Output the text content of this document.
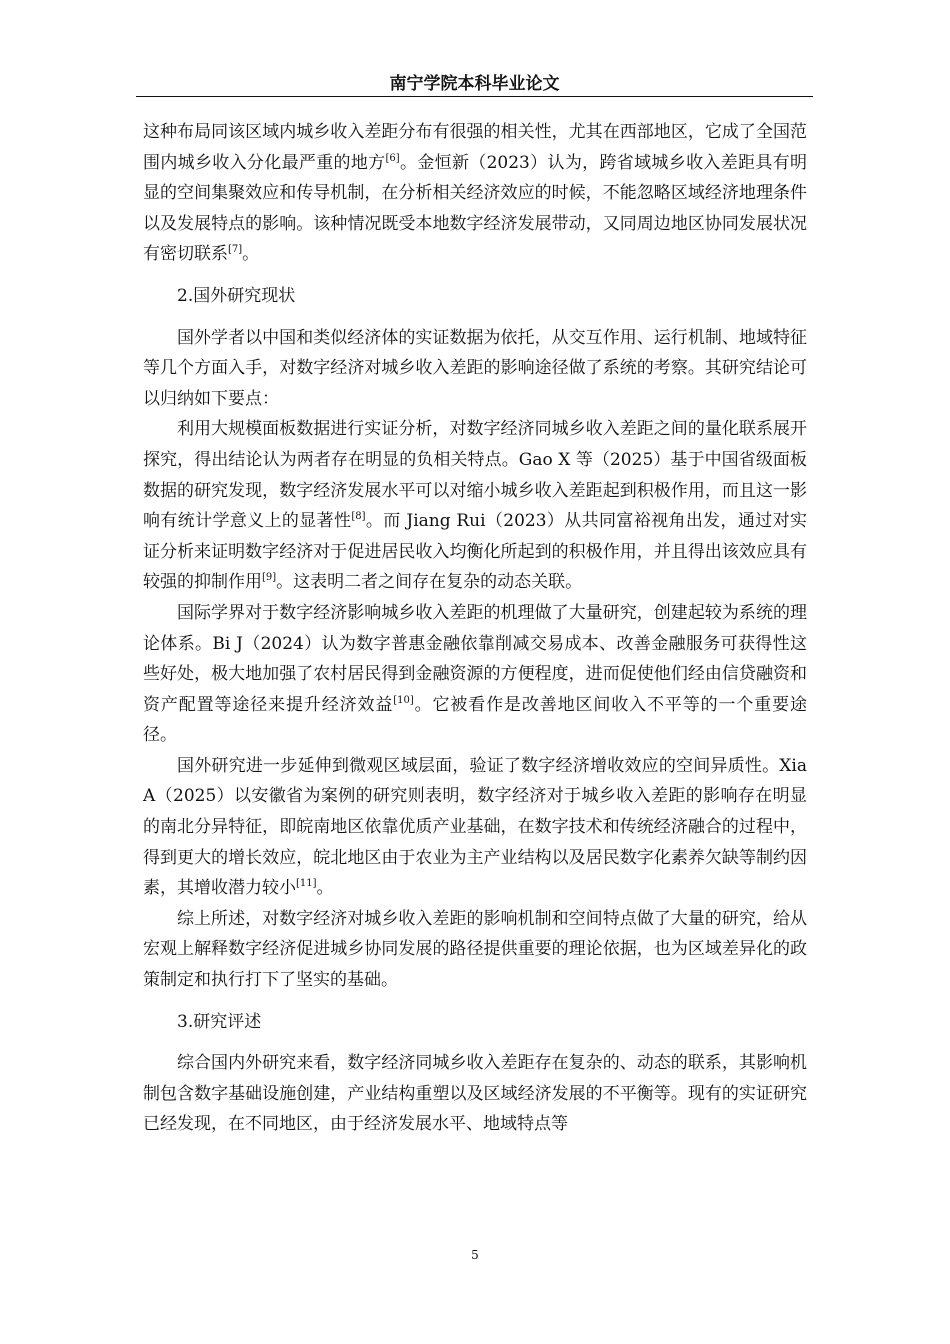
南宁学院本科毕业论文

这种布局同该区域内城乡收入差距分布有很强的相关性，尤其在西部地区，它成了全国范围内城乡收入分化最严重的地方[6]。金恒新（2023）认为，跨省域城乡收入差距具有明显的空间集聚效应和传导机制，在分析相关经济效应的时候，不能忽略区域经济地理条件以及发展特点的影响。该种情况既受本地数字经济发展带动，又同周边地区协同发展状况有密切联系[7]。

2.国外研究现状

国外学者以中国和类似经济体的实证数据为依托，从交互作用、运行机制、地域特征等几个方面入手，对数字经济对城乡收入差距的影响途径做了系统的考察。其研究结论可以归纳如下要点：

利用大规模面板数据进行实证分析，对数字经济同城乡收入差距之间的量化联系展开探究，得出结论认为两者存在明显的负相关特点。Gao X 等（2025）基于中国省级面板数据的研究发现，数字经济发展水平可以对缩小城乡收入差距起到积极作用，而且这一影响有统计学意义上的显著性[8]。而 Jiang Rui（2023）从共同富裕视角出发，通过对实证分析来证明数字经济对于促进居民收入均衡化所起到的积极作用，并且得出该效应具有较强的抑制作用[9]。这表明二者之间存在复杂的动态关联。

国际学界对于数字经济影响城乡收入差距的机理做了大量研究，创建起较为系统的理论体系。Bi J（2024）认为数字普惠金融依靠削减交易成本、改善金融服务可获得性这些好处，极大地加强了农村居民得到金融资源的方便程度，进而促使他们经由信贷融资和资产配置等途径来提升经济效益[10]。它被看作是改善地区间收入不平等的一个重要途径。

国外研究进一步延伸到微观区域层面，验证了数字经济增收效应的空间异质性。Xia A（2025）以安徽省为案例的研究则表明，数字经济对于城乡收入差距的影响存在明显的南北分异特征，即皖南地区依靠优质产业基础，在数字技术和传统经济融合的过程中，得到更大的增长效应，皖北地区由于农业为主产业结构以及居民数字化素养欠缺等制约因素，其增收潜力较小[11]。

综上所述，对数字经济对城乡收入差距的影响机制和空间特点做了大量的研究，给从宏观上解释数字经济促进城乡协同发展的路径提供重要的理论依据，也为区域差异化的政策制定和执行打下了坚实的基础。

3.研究评述

综合国内外研究来看，数字经济同城乡收入差距存在复杂的、动态的联系，其影响机制包含数字基础设施创建，产业结构重塑以及区域经济发展的不平衡等。现有的实证研究已经发现，在不同地区，由于经济发展水平、地域特点等

5
